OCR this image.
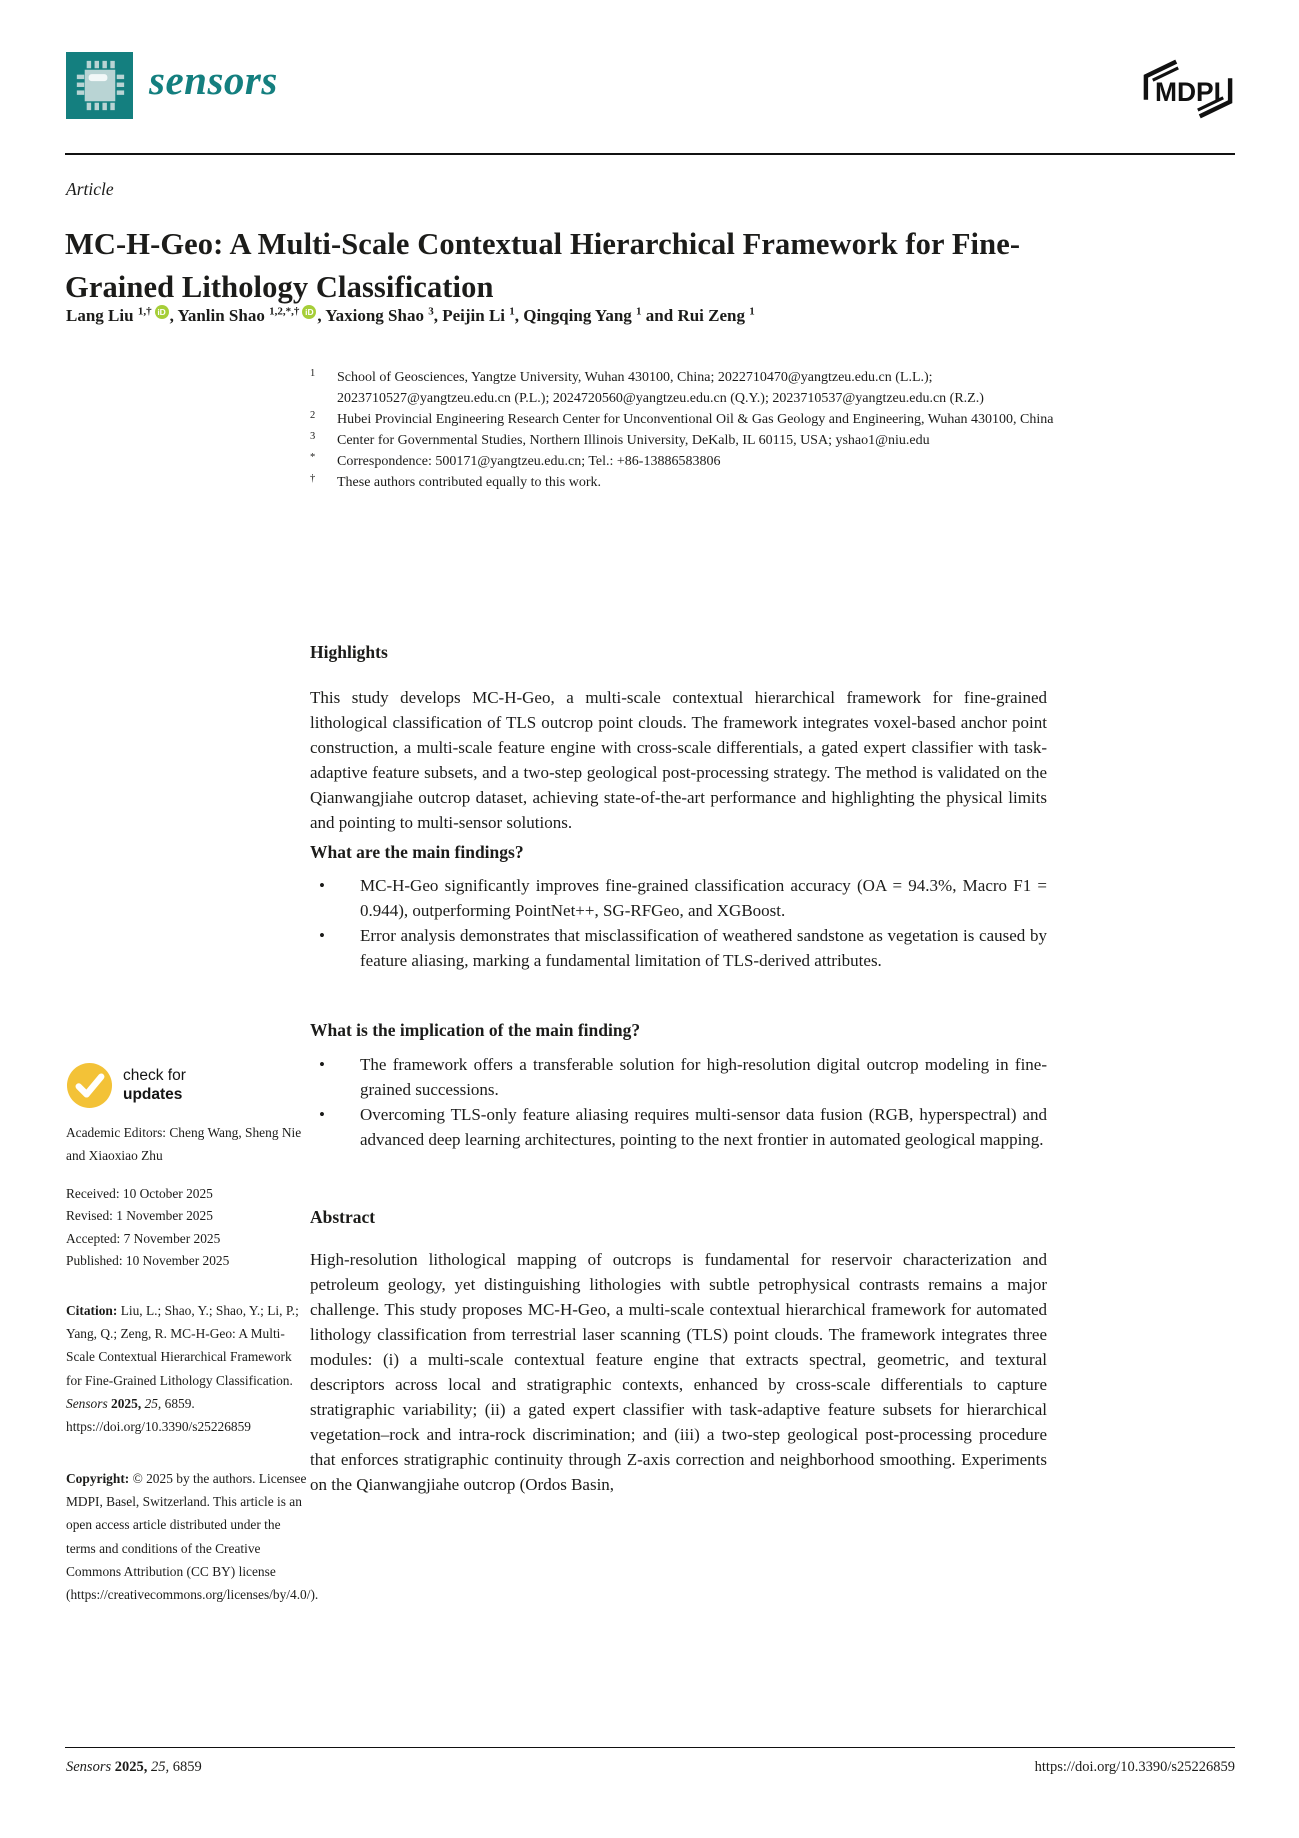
sensors	MDPI
Article
MC-H-Geo: A Multi-Scale Contextual Hierarchical Framework for Fine-Grained Lithology Classification
Lang Liu $^{1,\dagger}$ iD , Yanlin Shao $^{1,2,*,\dagger}$ iD , Yaxiong Shao $^3$, Peijin Li $^1$, Qingqing Yang $^1$ and Rui Zeng $^1$
1	School of Geosciences, Yangtze University, Wuhan 430100, China; 2022710470@yangtzeu.edu.cn (L.L.); 2023710527@yangtzeu.edu.cn (P.L.); 2024720560@yangtzeu.edu.cn (Q.Y.); 2023710537@yangtzeu.edu.cn (R.Z.)
2	Hubei Provincial Engineering Research Center for Unconventional Oil & Gas Geology and Engineering, Wuhan 430100, China
3	Center for Governmental Studies, Northern Illinois University, DeKalb, IL 60115, USA; yshao1@niu.edu
*	Correspondence: 500171@yangtzeu.edu.cn; Tel.: +86-13886583806
†	These authors contributed equally to this work.

Highlights

This study develops MC-H-Geo, a multi-scale contextual hierarchical framework for fine-grained lithological classification of TLS outcrop point clouds. The framework integrates voxel-based anchor point construction, a multi-scale feature engine with cross-scale differentials, a gated expert classifier with task-adaptive feature subsets, and a two-step geological post-processing strategy. The method is validated on the Qianwangjiahe outcrop dataset, achieving state-of-the-art performance and highlighting the physical limits and pointing to multi-sensor solutions.

What are the main findings?

•	MC-H-Geo significantly improves fine-grained classification accuracy (OA = 94.3%, Macro F1 = 0.944), outperforming PointNet++, SG-RFGeo, and XGBoost.
•	Error analysis demonstrates that misclassification of weathered sandstone as vegetation is caused by feature aliasing, marking a fundamental limitation of TLS-derived attributes.

What is the implication of the main finding?

•	The framework offers a transferable solution for high-resolution digital outcrop modeling in fine-grained successions.
•	Overcoming TLS-only feature aliasing requires multi-sensor data fusion (RGB, hyperspectral) and advanced deep learning architectures, pointing to the next frontier in automated geological mapping.

Abstract

High-resolution lithological mapping of outcrops is fundamental for reservoir characterization and petroleum geology, yet distinguishing lithologies with subtle petrophysical contrasts remains a major challenge. This study proposes MC-H-Geo, a multi-scale contextual hierarchical framework for automated lithology classification from terrestrial laser scanning (TLS) point clouds. The framework integrates three modules: (i) a multi-scale contextual feature engine that extracts spectral, geometric, and textural descriptors across local and stratigraphic contexts, enhanced by cross-scale differentials to capture stratigraphic variability; (ii) a gated expert classifier with task-adaptive feature subsets for hierarchical vegetation–rock and intra-rock discrimination; and (iii) a two-step geological post-processing procedure that enforces stratigraphic continuity through Z-axis correction and neighborhood smoothing. Experiments on the Qianwangjiahe outcrop (Ordos Basin,

check for
updates

Academic Editors: Cheng Wang, Sheng Nie and Xiaoxiao Zhu

Received: 10 October 2025
Revised: 1 November 2025
Accepted: 7 November 2025
Published: 10 November 2025

Citation: Liu, L.; Shao, Y.; Shao, Y.; Li, P.; Yang, Q.; Zeng, R. MC-H-Geo: A Multi-Scale Contextual Hierarchical Framework for Fine-Grained Lithology Classification. Sensors 2025, 25, 6859. https://doi.org/10.3390/s25226859

Copyright: © 2025 by the authors. Licensee MDPI, Basel, Switzerland. This article is an open access article distributed under the terms and conditions of the Creative Commons Attribution (CC BY) license (https://creativecommons.org/licenses/by/4.0/).

Sensors 2025, 25, 6859	https://doi.org/10.3390/s25226859
